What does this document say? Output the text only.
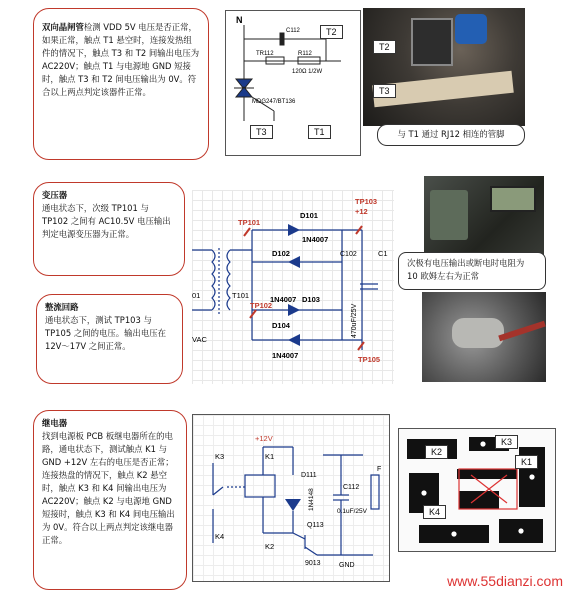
双向晶闸管检测 VDD 5V 电压是否正常，如果正常，触点 T1 悬空时，连接发热组件的情况下，触点 T3 和 T2 间输出电压为 AC220V；触点 T1 与电源地 GND 短接时，触点 T3 和 T2 间电压输出为 0V。符合以上两点判定该器件正常。
N
C112
TR112	R112
120Ω 1/2W
MDG247/BT136
T2
T3	T1
T2
T3
与 T1 通过 RJ12 相连的管脚
变压器
通电状态下，次级 TP101 与 TP102 之间有 AC10.5V 电压输出判定电源变压器为正常。
整流回路
通电状态下，测试 TP103 与 TP105 之间的电压。输出电压在 12V～17V 之间正常。
TP101
TP102
TP103
+12
TP105
D101
D102
D103
D104
1N4007
1N4007
1N4007
C102
470uF/25V
T101
01
VAC
C1
次极有电压输出或断电时电阻为 10 欧姆左右为正常
继电器
找到电源板 PCB 板继电器所在的电路，通电状态下，测试触点 K1 与 GND +12V 左右的电压是否正常；连接热盘的情况下，触点 K2 悬空时，触点 K3 和 K4 间输出电压为 AC220V；触点 K2 与电源地 GND 短接时，触点 K3 和 K4 间电压输出为 0V。符合以上两点判定该继电器正常。
+12V
K1
K3
K4
K2
D111
1N4148
C112
0.1uF/25V
Q113
9013	GND
F
K2
K3
K1
K4
www.55dianzi.com
